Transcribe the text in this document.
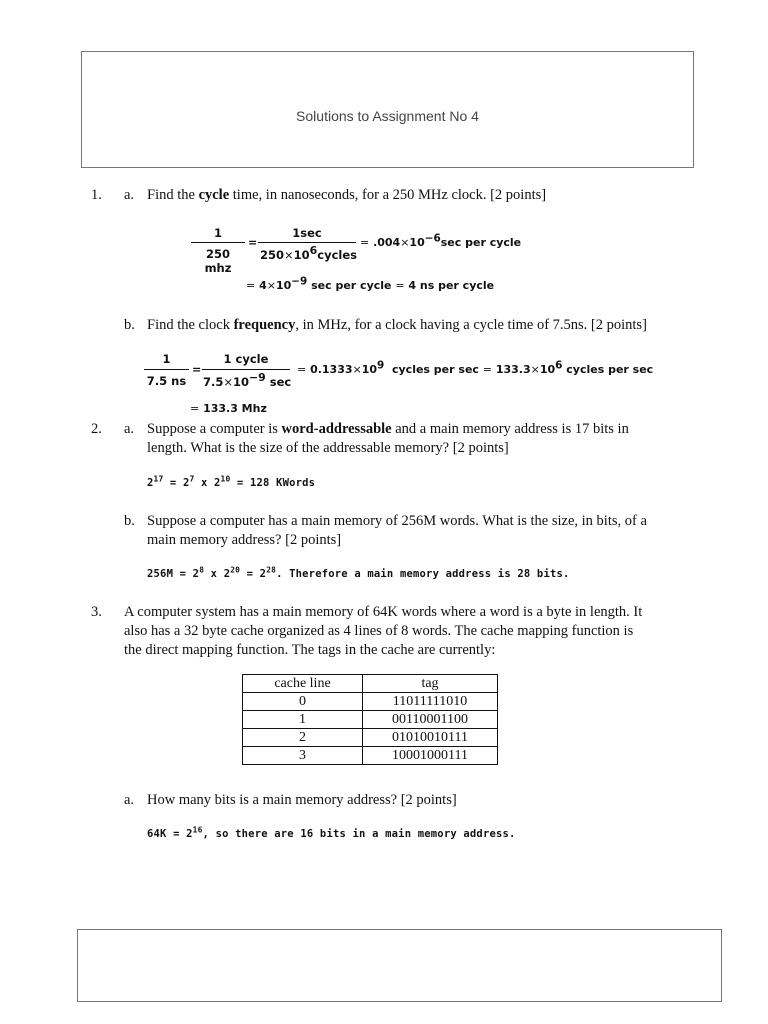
Solutions to Assignment No 4
1. a. Find the cycle time, in nanoseconds, for a 250 MHz clock. [2 points]
1
250 mhz
=
1sec
$250\times 10^6cycles$
= $.004\times 10^{-6}\sec$ per cycle
= $4\times 10^{-9}$ sec per cycle = 4 ns per cycle
b. Find the clock frequency, in MHz, for a clock having a cycle time of 7.5ns. [2 points]
1
7.5 ns
=
1 cycle
$7.5\times 10^{-9}$ sec
= $0.1333\times 10^9$ cycles per $\sec = 133.3\times 10^6$ cycles per sec
= 133.3 Mhz
2. a. Suppose a computer is word-addressable and a main memory address is 17 bits in
length. What is the size of the addressable memory? [2 points]
$2^{17} = 2^7$ x $2^{10} = 128$ KWords
b. Suppose a computer has a main memory of 256M words. What is the size, in bits, of a
main memory address? [2 points]
$256M = 2^8$ x $2^{20} = 2^{28}$. Therefore a main memory address is 28 bits.
3. A computer system has a main memory of 64K words where a word is a byte in length. It
also has a 32 byte cache organized as 4 lines of 8 words. The cache mapping function is
the direct mapping function. The tags in the cache are currently:
cache line	tag
0	11011111010
1	00110001100
2	01010010111
3	10001000111
a. How many bits is a main memory address? [2 points]
$64K = 2^{16}$, so there are 16 bits in a main memory address.
